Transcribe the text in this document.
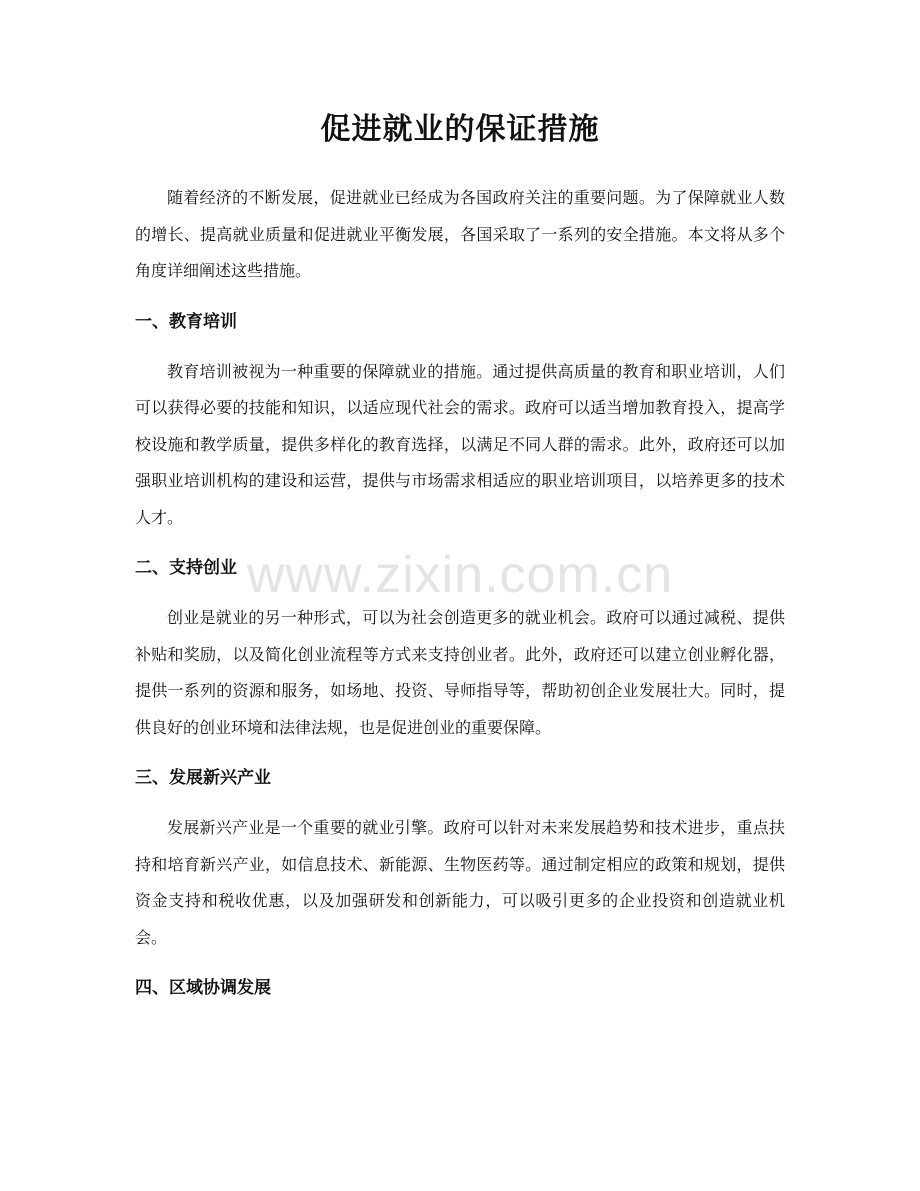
促进就业的保证措施

随着经济的不断发展，促进就业已经成为各国政府关注的重要问题。为了保障就业人数的增长、提高就业质量和促进就业平衡发展，各国采取了一系列的安全措施。本文将从多个角度详细阐述这些措施。

一、教育培训

教育培训被视为一种重要的保障就业的措施。通过提供高质量的教育和职业培训，人们可以获得必要的技能和知识，以适应现代社会的需求。政府可以适当增加教育投入，提高学校设施和教学质量，提供多样化的教育选择，以满足不同人群的需求。此外，政府还可以加强职业培训机构的建设和运营，提供与市场需求相适应的职业培训项目，以培养更多的技术人才。

二、支持创业

创业是就业的另一种形式，可以为社会创造更多的就业机会。政府可以通过减税、提供补贴和奖励，以及简化创业流程等方式来支持创业者。此外，政府还可以建立创业孵化器，提供一系列的资源和服务，如场地、投资、导师指导等，帮助初创企业发展壮大。同时，提供良好的创业环境和法律法规，也是促进创业的重要保障。

三、发展新兴产业

发展新兴产业是一个重要的就业引擎。政府可以针对未来发展趋势和技术进步，重点扶持和培育新兴产业，如信息技术、新能源、生物医药等。通过制定相应的政策和规划，提供资金支持和税收优惠，以及加强研发和创新能力，可以吸引更多的企业投资和创造就业机会。

四、区域协调发展
www.zixin.com.cn
